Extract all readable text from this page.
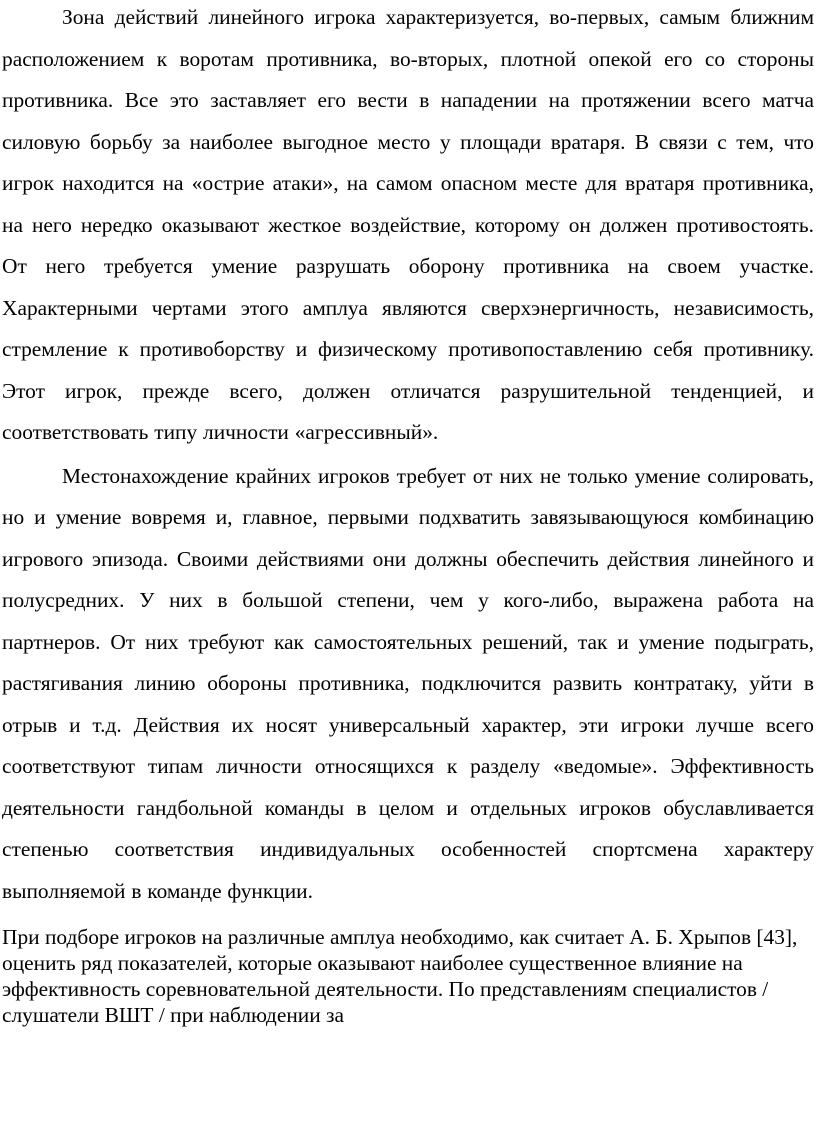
Зона действий линейного игрока характеризуется, во-первых, самым ближним расположением к воротам противника, во-вторых, плотной опекой его со стороны противника. Все это заставляет его вести в нападении на протяжении всего матча силовую борьбу за наиболее выгодное место у площади вратаря. В связи с тем, что игрок находится на «острие атаки», на самом опасном месте для вратаря противника, на него нередко оказывают жесткое воздействие, которому он должен противостоять. От него требуется умение разрушать оборону противника на своем участке. Характерными чертами этого амплуа являются сверхэнергичность, независимость, стремление к противоборству и физическому противопоставлению себя противнику. Этот игрок, прежде всего, должен отличатся разрушительной тенденцией, и соответствовать типу личности «агрессивный».

Местонахождение крайних игроков требует от них не только умение солировать, но и умение вовремя и, главное, первыми подхватить завязывающуюся комбинацию игрового эпизода. Своими действиями они должны обеспечить действия линейного и полусредних. У них в большой степени, чем у кого-либо, выражена работа на партнеров. От них требуют как самостоятельных решений, так и умение подыграть, растягивания линию обороны противника, подключится развить контратаку, уйти в отрыв и т.д. Действия их носят универсальный характер, эти игроки лучше всего соответствуют типам личности относящихся к разделу «ведомые». Эффективность деятельности гандбольной команды в целом и отдельных игроков обуславливается степенью соответствия индивидуальных особенностей спортсмена характеру выполняемой в команде функции.

При подборе игроков на различные амплуа необходимо, как считает А. Б. Хрыпов [43], оценить ряд показателей, которые оказывают наиболее существенное влияние на эффективность соревновательной деятельности. По представлениям специалистов / слушатели ВШТ / при наблюдении за
